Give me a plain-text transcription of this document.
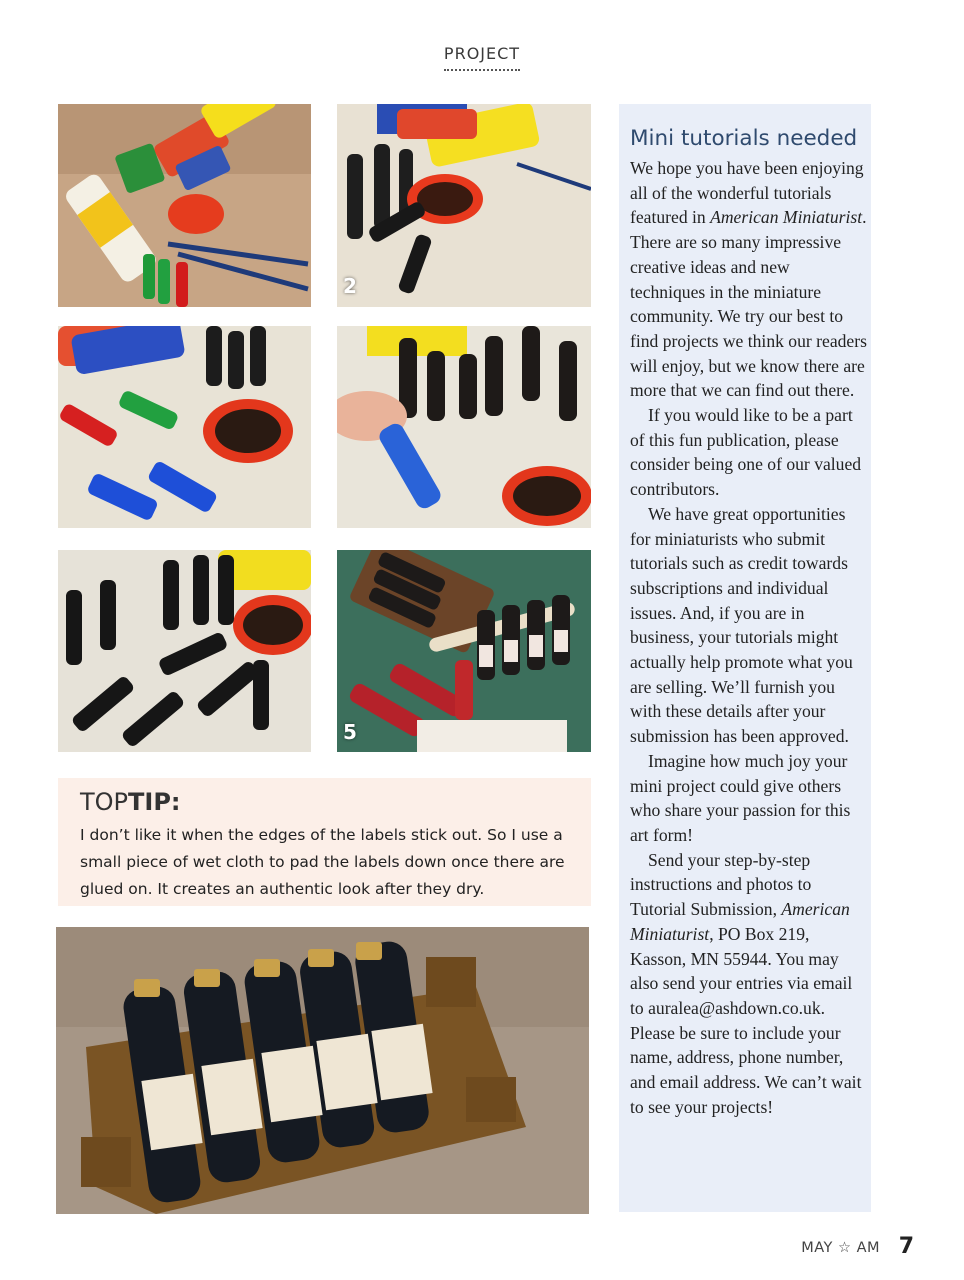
PROJECT
2
5
TOPTIP:
I don’t like it when the edges of the labels stick out. So I use a small piece of wet cloth to pad the labels down once there are glued on. It creates an authentic look after they dry.
Mini tutorials needed

We hope you have been enjoying all of the wonderful tutorials featured in American Miniaturist. There are so many impressive creative ideas and new techniques in the miniature community. We try our best to find projects we think our readers will enjoy, but we know there are more that we can find out there.

If you would like to be a part of this fun publication, please consider being one of our valued contributors.

We have great opportunities for miniaturists who submit tutorials such as credit towards subscriptions and individual issues. And, if you are in business, your tutorials might actually help promote what you are selling. We’ll furnish you with these details after your submission has been approved.

Imagine how much joy your mini project could give others who share your passion for this art form!

Send your step-by-step instructions and photos to Tutorial Submission, American Miniaturist, PO Box 219, Kasson, MN 55944. You may also send your entries via email to auralea@ashdown.co.uk. Please be sure to include your name, address, phone number, and email address. We can’t wait to see your projects!

MAY ☆ AM 7
